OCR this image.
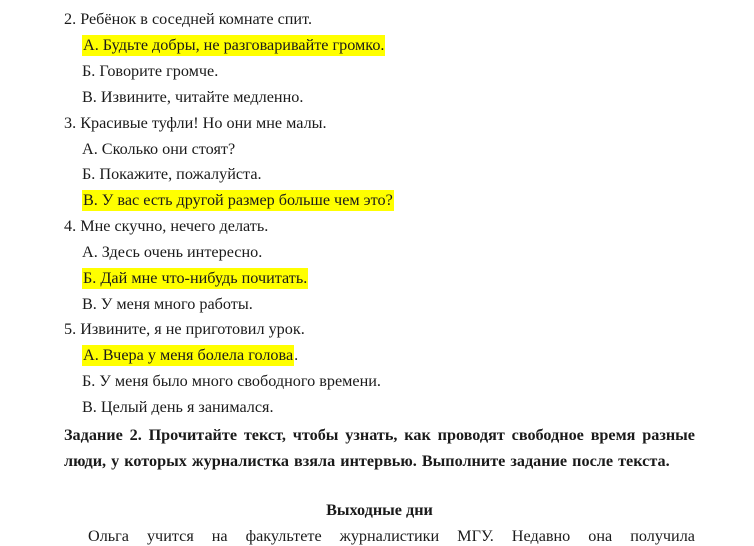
2. Ребёнок в соседней комнате спит.
А. Будьте добры, не разговаривайте громко.
Б. Говорите громче.
В. Извините, читайте медленно.
3. Красивые туфли! Но они мне малы.
А. Сколько они стоят?
Б. Покажите, пожалуйста.
В. У вас есть другой размер больше чем это?
4. Мне скучно, нечего делать.
А. Здесь очень интересно.
Б. Дай мне что-нибудь почитать.
В. У меня много работы.
5. Извините, я не приготовил урок.
А. Вчера у меня болела голова.
Б. У меня было много свободного времени.
В. Целый день я занимался.
Задание 2. Прочитайте текст, чтобы узнать, как проводят свободное время разные люди, у которых журналистка взяла интервью. Выполните задание после текста.
Выходные дни
Ольга учится на факультете журналистики МГУ. Недавно она получила
